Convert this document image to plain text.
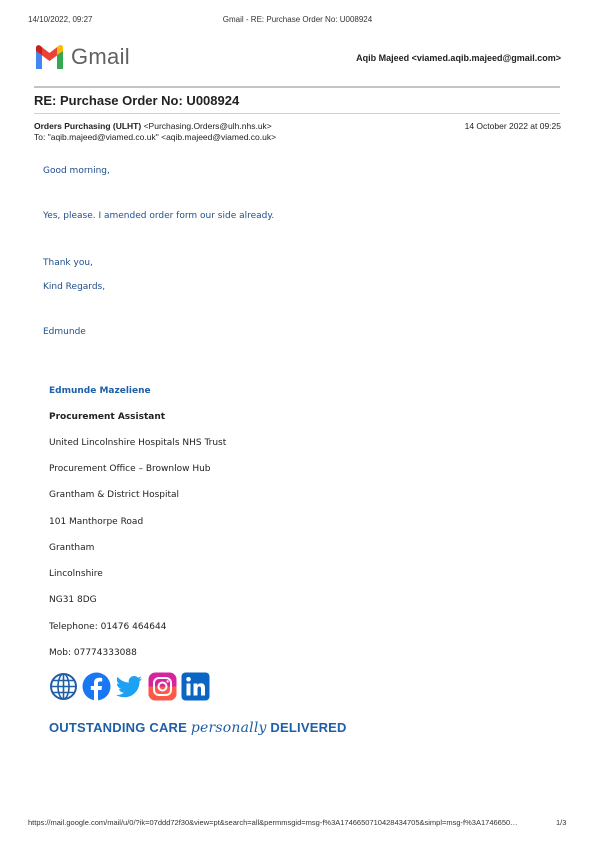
14/10/2022, 09:27	Gmail - RE: Purchase Order No: U008924
Gmail	Aqib Majeed <viamed.aqib.majeed@gmail.com>
RE: Purchase Order No: U008924
Orders Purchasing (ULHT) <Purchasing.Orders@ulh.nhs.uk>	14 October 2022 at 09:25
To: "aqib.majeed@viamed.co.uk" <aqib.majeed@viamed.co.uk>
Good morning,
Yes, please. I amended order form our side already.
Thank you,
Kind Regards,
Edmunde
Edmunde Mazeliene
Procurement Assistant
United Lincolnshire Hospitals NHS Trust
Procurement Office – Brownlow Hub
Grantham & District Hospital
101 Manthorpe Road
Grantham
Lincolnshire
NG31 8DG
Telephone: 01476 464644
Mob: 07774333088
OUTSTANDING CARE personally DELIVERED
https://mail.google.com/mail/u/0/?ik=07ddd72f30&view=pt&search=all&permmsgid=msg-f%3A1746650710428434705&simpl=msg-f%3A1746650…	1/3
